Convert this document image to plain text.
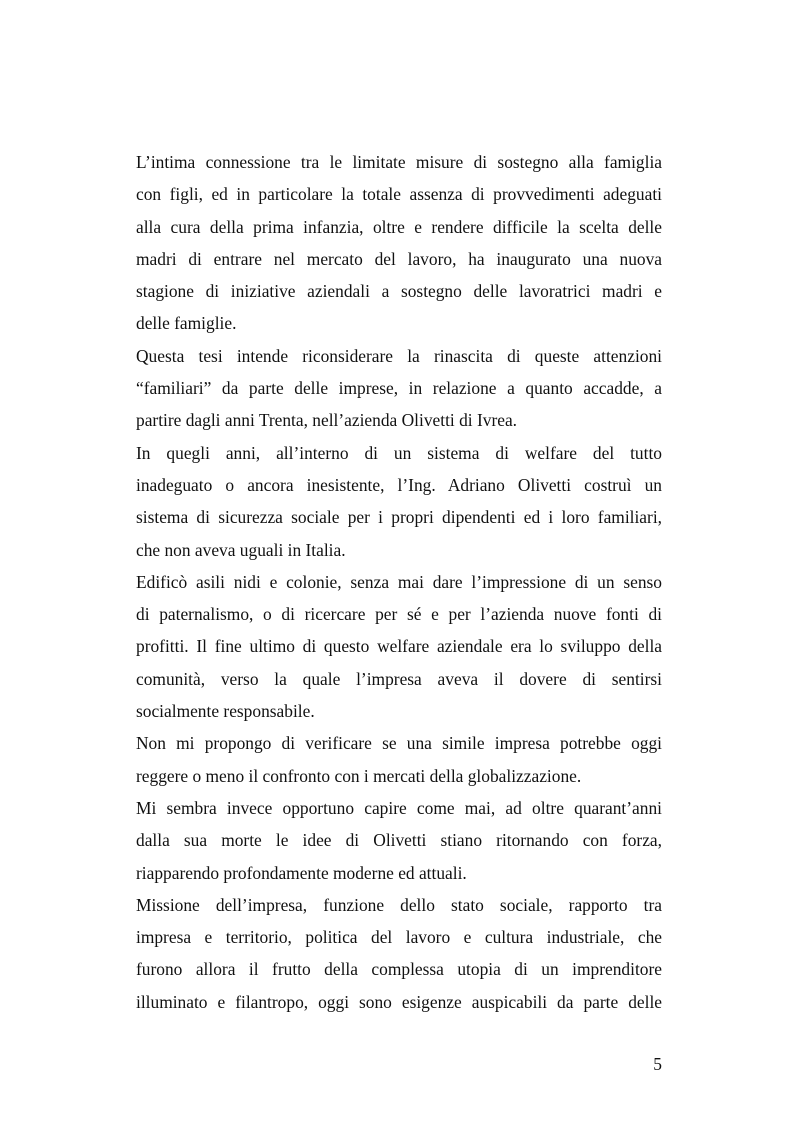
L’intima connessione tra le limitate misure di sostegno alla famiglia
con figli, ed in particolare la totale assenza di provvedimenti adeguati
alla cura della prima infanzia, oltre e rendere difficile la scelta delle
madri di entrare nel mercato del lavoro, ha inaugurato una nuova
stagione di iniziative aziendali a sostegno delle lavoratrici madri e
delle famiglie.

Questa tesi intende riconsiderare la rinascita di queste attenzioni
“familiari” da parte delle imprese, in relazione a quanto accadde, a
partire dagli anni Trenta, nell’azienda Olivetti di Ivrea.

In quegli anni, all’interno di un sistema di welfare del tutto
inadeguato o ancora inesistente, l’Ing. Adriano Olivetti costruì un
sistema di sicurezza sociale per i propri dipendenti ed i loro familiari,
che non aveva uguali in Italia.

Edificò asili nidi e colonie, senza mai dare l’impressione di un senso
di paternalismo, o di ricercare per sé e per l’azienda nuove fonti di
profitti. Il fine ultimo di questo welfare aziendale era lo sviluppo della
comunità, verso la quale l’impresa aveva il dovere di sentirsi
socialmente responsabile.

Non mi propongo di verificare se una simile impresa potrebbe oggi
reggere o meno il confronto con i mercati della globalizzazione.

Mi sembra invece opportuno capire come mai, ad oltre quarant’anni
dalla sua morte le idee di Olivetti stiano ritornando con forza,
riapparendo profondamente moderne ed attuali.

Missione dell’impresa, funzione dello stato sociale, rapporto tra
impresa e territorio, politica del lavoro e cultura industriale, che
furono allora il frutto della complessa utopia di un imprenditore
illuminato e filantropo, oggi sono esigenze auspicabili da parte delle

5
